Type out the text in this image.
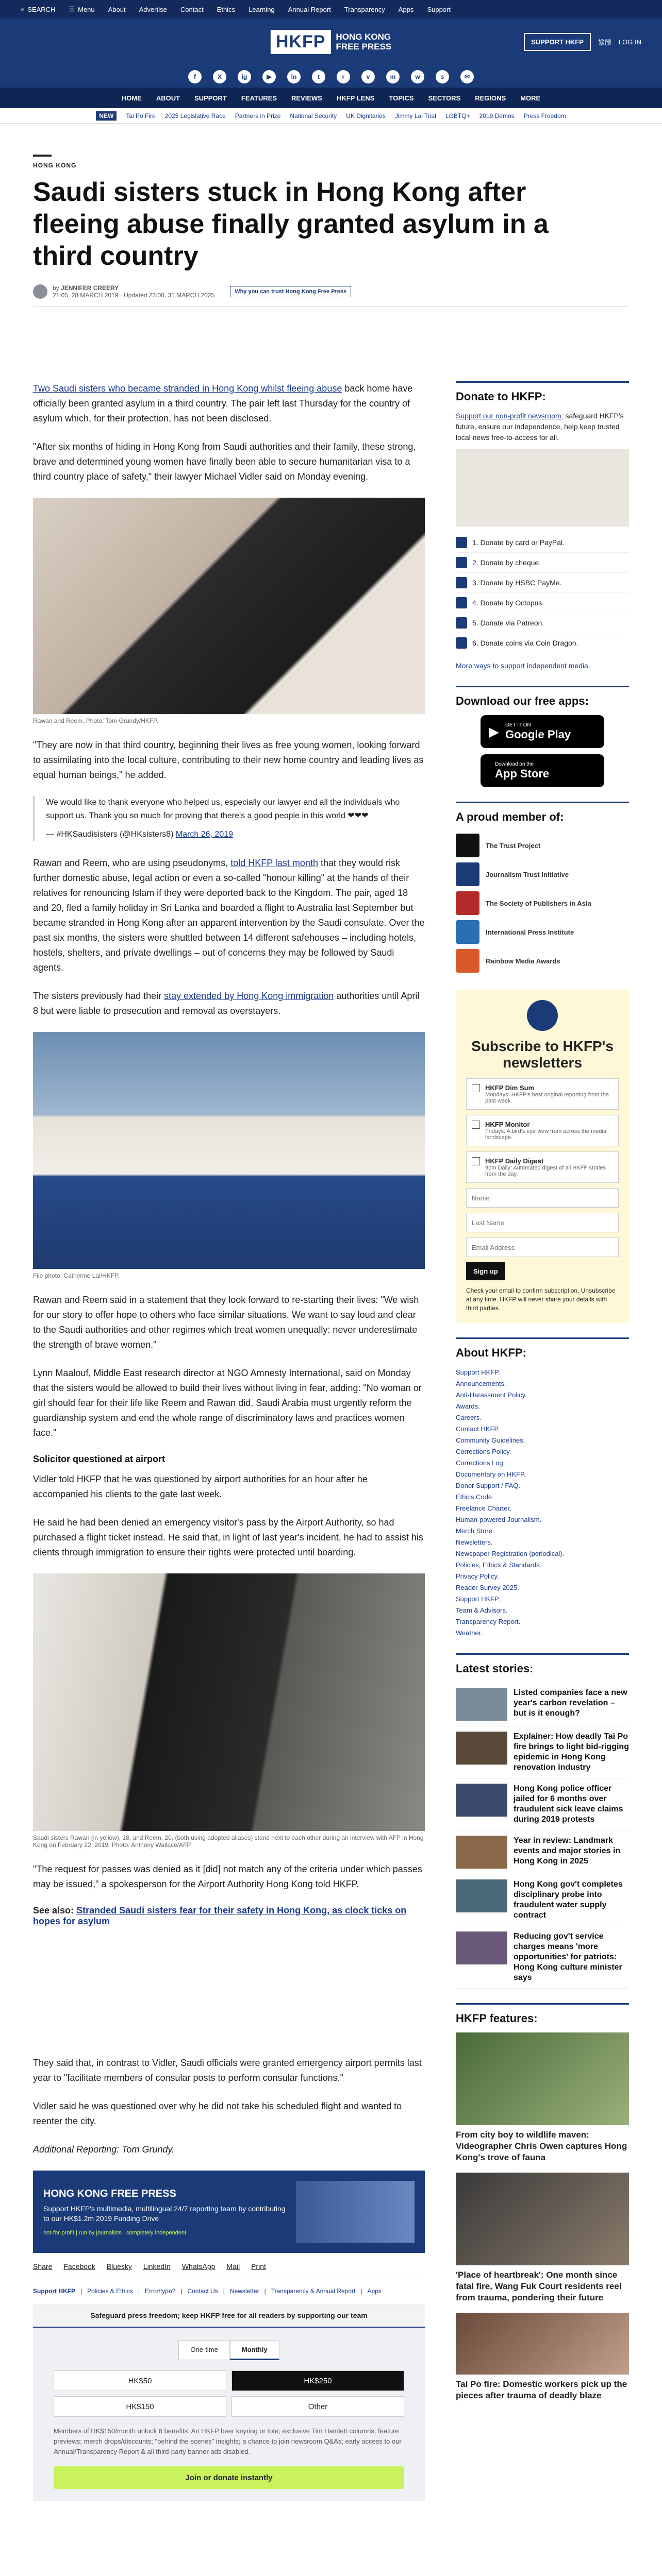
⌕ SEARCH ☰ Menu About Advertise Contact Ethics Learning Annual Report Transparency Apps Support
HKFP	HONG KONG
FREE PRESS	SUPPORT HKFP	繁體 LOG IN
f	X	ig	▶	in	t	r	v	m	w	s	✉
HOME ABOUT SUPPORT FEATURES REVIEWS HKFP LENS TOPICS SECTORS REGIONS MORE
NEW	Tai Po Fire 2025 Legislative Race Partners in Prize National Security UK Dignitaries Jimmy Lai Trial LGBTQ+ 2019 Demos Press Freedom
HONG KONG
Saudi sisters stuck in Hong Kong after fleeing abuse finally granted asylum in a third country
by JENNIFER CREERY
21:05, 28 MARCH 2019 · Updated 23:00, 31 MARCH 2025	Why you can trust Hong Kong Free Press

Two Saudi sisters who became stranded in Hong Kong whilst fleeing abuse back home have officially been granted asylum in a third country. The pair left last Thursday for the country of asylum which, for their protection, has not been disclosed.

"After six months of hiding in Hong Kong from Saudi authorities and their family, these strong, brave and determined young women have finally been able to secure humanitarian visa to a third country place of safety," their lawyer Michael Vidler said on Monday evening.

Rawan and Reem. Photo: Tom Grundy/HKFP.

"They are now in that third country, beginning their lives as free young women, looking forward to assimilating into the local culture, contributing to their new home country and leading lives as equal human beings," he added.

We would like to thank everyone who helped us, especially our lawyer and all the individuals who support us. Thank you so much for proving that there's a good people in this world ❤❤❤

— #HKSaudisisters (@HKsisters8) March 26, 2019

Rawan and Reem, who are using pseudonyms, told HKFP last month that they would risk further domestic abuse, legal action or even a so-called "honour killing" at the hands of their relatives for renouncing Islam if they were deported back to the Kingdom. The pair, aged 18 and 20, fled a family holiday in Sri Lanka and boarded a flight to Australia last September but became stranded in Hong Kong after an apparent intervention by the Saudi consulate. Over the past six months, the sisters were shuttled between 14 different safehouses – including hotels, hostels, shelters, and private dwellings – out of concerns they may be followed by Saudi agents.

The sisters previously had their stay extended by Hong Kong immigration authorities until April 8 but were liable to prosecution and removal as overstayers.

File photo: Catherine Lai/HKFP.

Rawan and Reem said in a statement that they look forward to re-starting their lives: "We wish for our story to offer hope to others who face similar situations. We want to say loud and clear to the Saudi authorities and other regimes which treat women unequally: never underestimate the strength of brave women."

Lynn Maalouf, Middle East research director at NGO Amnesty International, said on Monday that the sisters would be allowed to build their lives without living in fear, adding: "No woman or girl should fear for their life like Reem and Rawan did. Saudi Arabia must urgently reform the guardianship system and end the whole range of discriminatory laws and practices women face."

Solicitor questioned at airport

Vidler told HKFP that he was questioned by airport authorities for an hour after he accompanied his clients to the gate last week.

He said he had been denied an emergency visitor's pass by the Airport Authority, so had purchased a flight ticket instead. He said that, in light of last year's incident, he had to assist his clients through immigration to ensure their rights were protected until boarding.

Saudi sisters Rawan (in yellow), 18, and Reem, 20, (both using adopted aliases) stand next to each other during an interview with AFP in Hong Kong on February 22, 2019. Photo: Anthony Wallace/AFP.

"The request for passes was denied as it [did] not match any of the criteria under which passes may be issued," a spokesperson for the Airport Authority Hong Kong told HKFP.

See also: Stranded Saudi sisters fear for their safety in Hong Kong, as clock ticks on hopes for asylum

They said that, in contrast to Vidler, Saudi officials were granted emergency airport permits last year to "facilitate members of consular posts to perform consular functions."

Vidler said he was questioned over why he did not take his scheduled flight and wanted to reenter the city.

Additional Reporting: Tom Grundy.

HONG KONG FREE PRESS
Support HKFP's multimedia, multilingual 24/7 reporting team by contributing to our HK$1.2m 2019 Funding Drive
not-for-profit | run by journalists | completely independent
Share Facebook Bluesky LinkedIn WhatsApp Mail Print
Support HKFP | Policies & Ethics | Error/typo? | Contact Us | Newsletter | Transparency & Annual Report | Apps
Safeguard press freedom; keep HKFP free for all readers by supporting our team
One-time	Monthly
HK$50	HK$250
HK$150	Other
Members of HK$150/month unlock 6 benefits: An HKFP beer keyring or tote; exclusive Tim Hamlett columns; feature previews; merch drops/discounts; "behind the scenes" insights; a chance to join newsroom Q&As; early access to our Annual/Transparency Report & all third-party banner ads disabled.
Join or donate instantly
Donate to HKFP:

Support our non-profit newsroom: safeguard HKFP's future, ensure our independence, help keep trusted local news free-to-access for all.

1. Donate by card or PayPal.
2. Donate by cheque.
3. Donate by HSBC PayMe.
4. Donate by Octopus.
5. Donate via Patreon.
6. Donate coins via Coin Dragon.

More ways to support independent media.

Download our free apps:
▶ GET IT ON
Google Play
Download on the
App Store
A proud member of:
The Trust Project
Journalism Trust Initiative
The Society of Publishers in Asia
International Press Institute
Rainbow Media Awards
Subscribe to HKFP's newsletters
HKFP Dim Sum
Mondays: HKFP's best original reporting from the past week.
HKFP Monitor
Fridays: A bird's eye view from across the media landscape.
HKFP Daily Digest
9pm Daily: Automated digest of all HKFP stories from the day.
Name Last Name Email Address Sign up

Check your email to confirm subscription. Unsubscribe at any time. HKFP will never share your details with third parties.

About HKFP:
Support HKFP.
Announcements.
Anti-Harassment Policy.
Awards.
Careers.
Contact HKFP.
Community Guidelines.
Corrections Policy.
Corrections Log.
Documentary on HKFP.
Donor Support / FAQ.
Ethics Code.
Freelance Charter.
Human-powered Journalism.
Merch Store.
Newsletters.
Newspaper Registration (periodical).
Policies, Ethics & Standards.
Privacy Policy.
Reader Survey 2025.
Support HKFP.
Team & Advisors.
Transparency Report.
Weather.
Latest stories:
Listed companies face a new year's carbon revelation – but is it enough?
Explainer: How deadly Tai Po fire brings to light bid-rigging epidemic in Hong Kong renovation industry
Hong Kong police officer jailed for 6 months over fraudulent sick leave claims during 2019 protests
Year in review: Landmark events and major stories in Hong Kong in 2025
Hong Kong gov't completes disciplinary probe into fraudulent water supply contract
Reducing gov't service charges means 'more opportunities' for patriots: Hong Kong culture minister says
HKFP features:
From city boy to wildlife maven: Videographer Chris Owen captures Hong Kong's trove of fauna
'Place of heartbreak': One month since fatal fire, Wang Fuk Court residents reel from trauma, pondering their future
Tai Po fire: Domestic workers pick up the pieces after trauma of deadly blaze
